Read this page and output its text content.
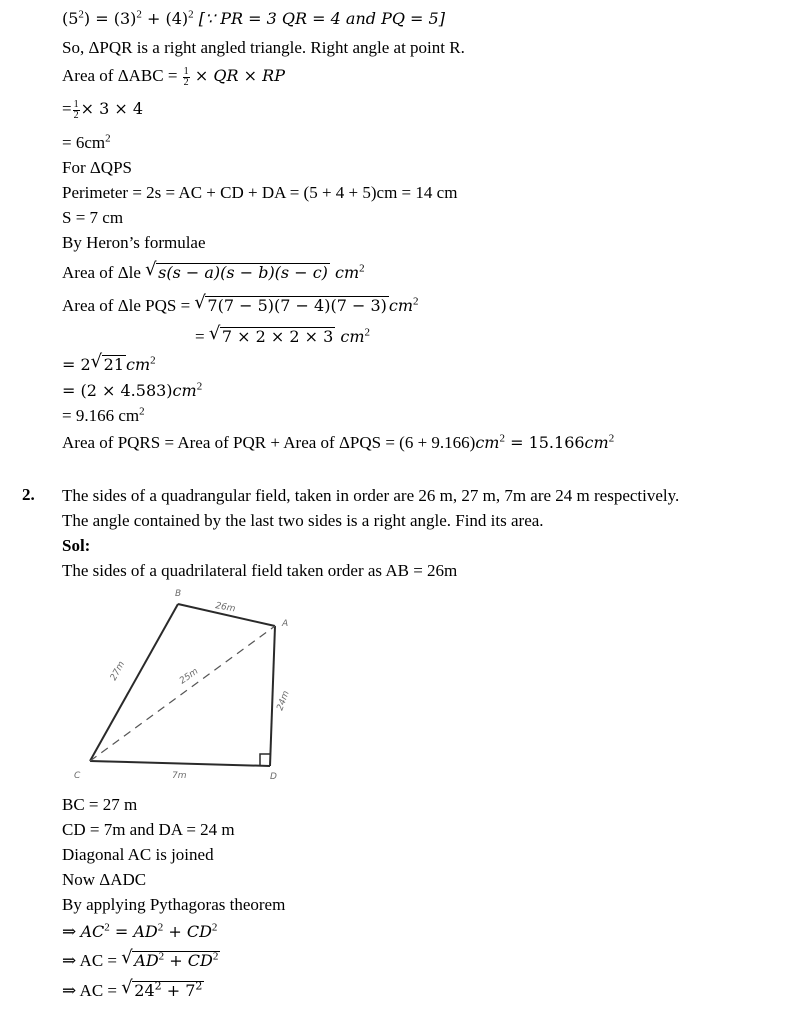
$(5^2) = (3)^2 + (4)^2$ [∵ PR = 3 QR = 4 and PQ = 5]
So, ΔPQR is a right angled triangle. Right angle at point R.
Area of $\Delta ABC = \frac{1}{2}$ × QR × RP
= $\frac{1}{2} \times 3 \times 4$
= $6cm^2$
For ΔQPS
Perimeter = 2s = AC + CD + DA = (5 + 4 + 5)cm = 14 cm
S = 7 cm
By Heron’s formulae
Area of Δle √ s(s − a)(s − b)(s − c) $cm^2$
Area of Δle PQS = √ 7(7 − 5)(7 − 4)(7 − 3) $cm^2$
= √ 7 × 2 × 2 × 3 $cm^2$
= 2 √ 21 $cm^2$
= $(2 \times 4.583)cm^2$
= 9.166 $cm^2$
Area of PQRS = Area of PQR + Area of $\Delta PQS = (6 + 9.166)cm^2 = 15.166cm^2$
2. The sides of a quadrangular field, taken in order are 26 m, 27 m, 7m are 24 m respectively.
The angle contained by the last two sides is a right angle. Find its area.
Sol:
The sides of a quadrilateral field taken order as AB = 26m
B
A
C	D
26m
27m	25m
24m
7m
BC = 27 m
CD = 7m and DA = 24 m
Diagonal AC is joined
Now ΔADC
By applying Pythagoras theorem
⇒ $AC^2 = AD^2 + CD^2$
⇒ AC = √ $AD^2 + CD^2$
⇒ AC = √ $24^2 + 7^2$
